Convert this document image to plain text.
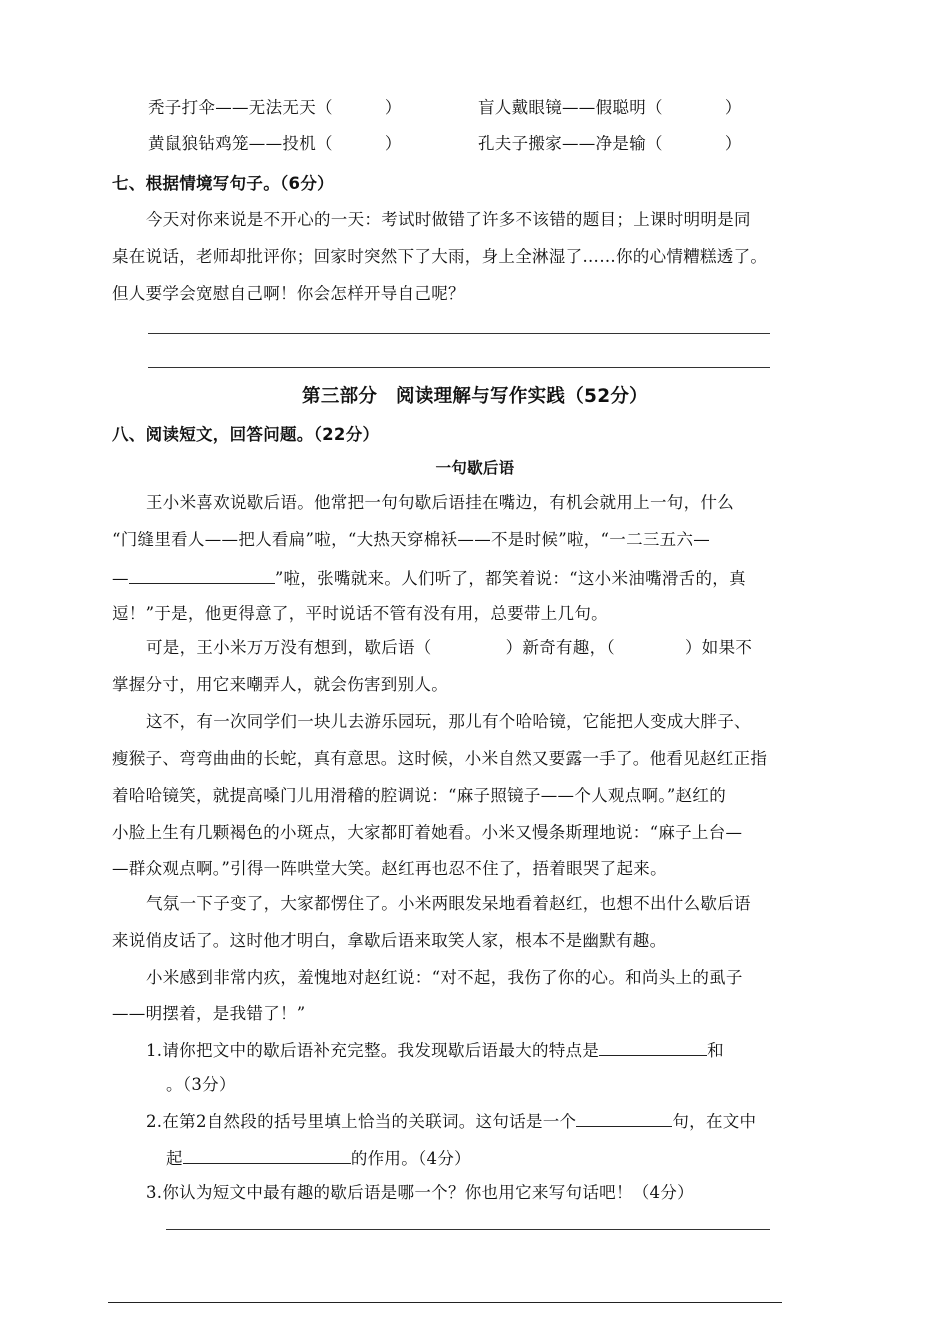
秃子打伞——无法无天（	）	盲人戴眼镜——假聪明（	）
黄鼠狼钻鸡笼——投机（	）	孔夫子搬家——净是输（	）
七、根据情境写句子。（6分）
今天对你来说是不开心的一天：考试时做错了许多不该错的题目；上课时明明是同
桌在说话，老师却批评你；回家时突然下了大雨，身上全淋湿了……你的心情糟糕透了。
但人要学会宽慰自己啊！你会怎样开导自己呢？
第三部分　阅读理解与写作实践（52分）
八、阅读短文，回答问题。（22分）
一句歇后语
王小米喜欢说歇后语。他常把一句句歇后语挂在嘴边，有机会就用上一句，什么
“门缝里看人——把人看扁”啦，“大热天穿棉袄——不是时候”啦，“一二三五六—
—	”啦，张嘴就来。人们听了，都笑着说：“这小米油嘴滑舌的，真
逗！”于是，他更得意了，平时说话不管有没有用，总要带上几句。
可是，王小米万万没有想到，歇后语（	）新奇有趣，（	）如果不
掌握分寸，用它来嘲弄人，就会伤害到别人。
这不，有一次同学们一块儿去游乐园玩，那儿有个哈哈镜，它能把人变成大胖子、
瘦猴子、弯弯曲曲的长蛇，真有意思。这时候，小米自然又要露一手了。他看见赵红正指
着哈哈镜笑，就提高嗓门儿用滑稽的腔调说：“麻子照镜子——个人观点啊。”赵红的
小脸上生有几颗褐色的小斑点，大家都盯着她看。小米又慢条斯理地说：“麻子上台—
—群众观点啊。”引得一阵哄堂大笑。赵红再也忍不住了，捂着眼哭了起来。
气氛一下子变了，大家都愣住了。小米两眼发呆地看着赵红，也想不出什么歇后语
来说俏皮话了。这时他才明白，拿歇后语来取笑人家，根本不是幽默有趣。
小米感到非常内疚，羞愧地对赵红说：“对不起，我伤了你的心。和尚头上的虱子
——明摆着，是我错了！”
1.请你把文中的歇后语补充完整。我发现歇后语最大的特点是	和
。（3分）
2.在第2自然段的括号里填上恰当的关联词。这句话是一个	句，在文中
起	的作用。（4分）
3.你认为短文中最有趣的歇后语是哪一个？你也用它来写句话吧！（4分）
